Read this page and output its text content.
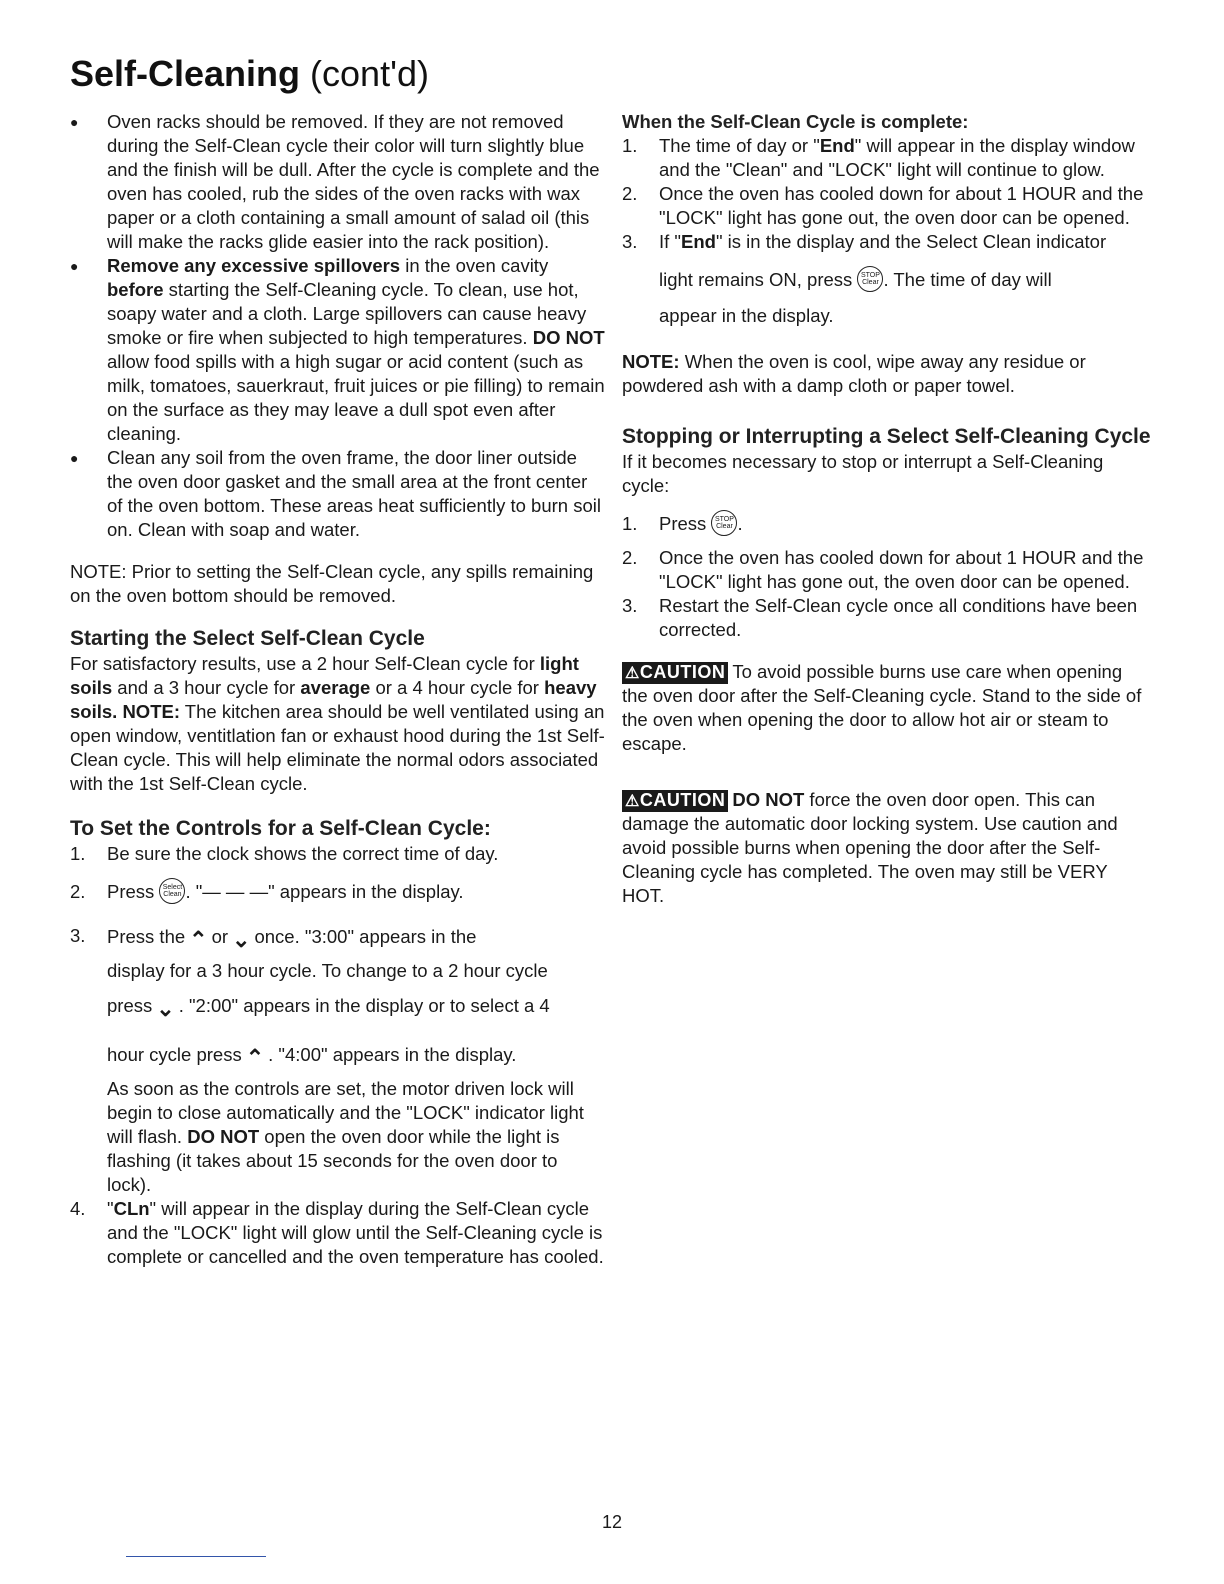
Self-Cleaning (cont'd)
● Oven racks should be removed. If they are not removed during the Self-Clean cycle their color will turn slightly blue and the finish will be dull. After the cycle is complete and the oven has cooled, rub the sides of the oven racks with wax paper or a cloth containing a small amount of salad oil (this will make the racks glide easier into the rack position).

● Remove any excessive spillovers in the oven cavity before starting the Self-Cleaning cycle. To clean, use hot, soapy water and a cloth. Large spillovers can cause heavy smoke or fire when subjected to high temperatures. DO NOT allow food spills with a high sugar or acid content (such as milk, tomatoes, sauerkraut, fruit juices or pie filling) to remain on the surface as they may leave a dull spot even after cleaning.

● Clean any soil from the oven frame, the door liner outside the oven door gasket and the small area at the front center of the oven bottom. These areas heat sufficiently to burn soil on. Clean with soap and water.

NOTE: Prior to setting the Self-Clean cycle, any spills remaining on the oven bottom should be removed.

Starting the Select Self-Clean Cycle

For satisfactory results, use a 2 hour Self-Clean cycle for light soils and a 3 hour cycle for average or a 4 hour cycle for heavy soils. NOTE: The kitchen area should be well ventilated using an open window, ventitlation fan or exhaust hood during the 1st Self-Clean cycle. This will help eliminate the normal odors associated with the 1st Self-Clean cycle.

To Set the Controls for a Self-Clean Cycle:
1. Be sure the clock shows the correct time of day.

2. Press Select
Clean . "— — —" appears in the display.

3. Press the ⌃ or ⌄ once. "3:00" appears in the

display for a 3 hour cycle. To change to a 2 hour cycle

press ⌄ . "2:00" appears in the display or to select a 4

hour cycle press ⌃ . "4:00" appears in the display.

As soon as the controls are set, the motor driven lock will begin to close automatically and the "LOCK" indicator light will flash. DO NOT open the oven door while the light is flashing (it takes about 15 seconds for the oven door to lock).

4. "CLn" will appear in the display during the Self-Clean cycle and the "LOCK" light will glow until the Self-Cleaning cycle is complete or cancelled and the oven temperature has cooled.

When the Self-Clean Cycle is complete:
1. The time of day or "End" will appear in the display window and the "Clean" and "LOCK" light will continue to glow.

2. Once the oven has cooled down for about 1 HOUR and the "LOCK" light has gone out, the oven door can be opened.

3. If "End" is in the display and the Select Clean indicator

light remains ON, press STOP
Clear . The time of day will

appear in the display.

NOTE: When the oven is cool, wipe away any residue or powdered ash with a damp cloth or paper towel.

Stopping or Interrupting a Select Self-Cleaning Cycle

If it becomes necessary to stop or interrupt a Self-Cleaning cycle:

1. Press STOP
Clear .

2. Once the oven has cooled down for about 1 HOUR and the "LOCK" light has gone out, the oven door can be opened.

3. Restart the Self-Clean cycle once all conditions have been corrected.

⚠CAUTION To avoid possible burns use care when opening the oven door after the Self-Cleaning cycle. Stand to the side of the oven when opening the door to allow hot air or steam to escape.

⚠CAUTION DO NOT force the oven door open. This can damage the automatic door locking system. Use caution and avoid possible burns when opening the door after the Self-Cleaning cycle has completed. The oven may still be VERY HOT.

12
